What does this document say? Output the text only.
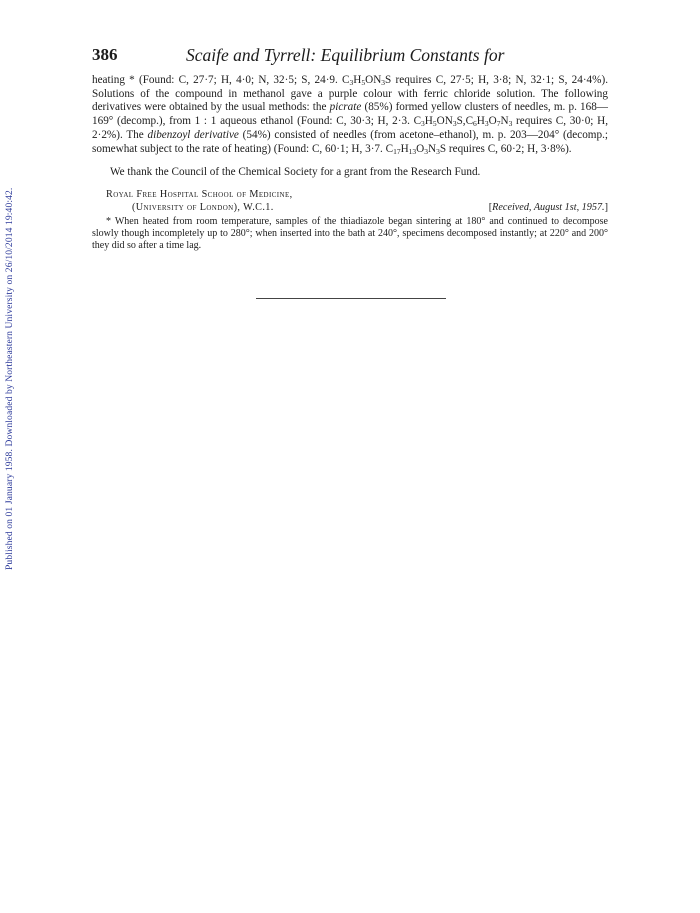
Published on 01 January 1958. Downloaded by Northeastern University on 26/10/2014 19:40:42.
386	Scaife and Tyrrell: Equilibrium Constants for

heating * (Found: C, 27·7; H, 4·0; N, 32·5; S, 24·9. $C_3H_5ON_3S$ requires C, 27·5; H, 3·8; N, 32·1; S, 24·4%). Solutions of the compound in methanol gave a purple colour with ferric chloride solution. The following derivatives were obtained by the usual methods: the picrate (85%) formed yellow clusters of needles, m. p. 168—169° (decomp.), from 1 : 1 aqueous ethanol (Found: C, 30·3; H, 2·3. $C_3H_5ON_3S,C_6H_3O_7N_3$ requires C, 30·0; H, 2·2%). The dibenzoyl derivative (54%) consisted of needles (from acetone–ethanol), m. p. 203—204° (decomp.; somewhat subject to the rate of heating) (Found: C, 60·1; H, 3·7. $C_{17}H_{13}O_3N_3S$ requires C, 60·2; H, 3·8%).

We thank the Council of the Chemical Society for a grant from the Research Fund.

Royal Free Hospital School of Medicine,
(University of London), W.C.1.	[Received, August 1st, 1957.]

* When heated from room temperature, samples of the thiadiazole began sintering at 180° and continued to decompose slowly though incompletely up to 280°; when inserted into the bath at 240°, specimens decomposed instantly; at 220° and 200° they did so after a time lag.
